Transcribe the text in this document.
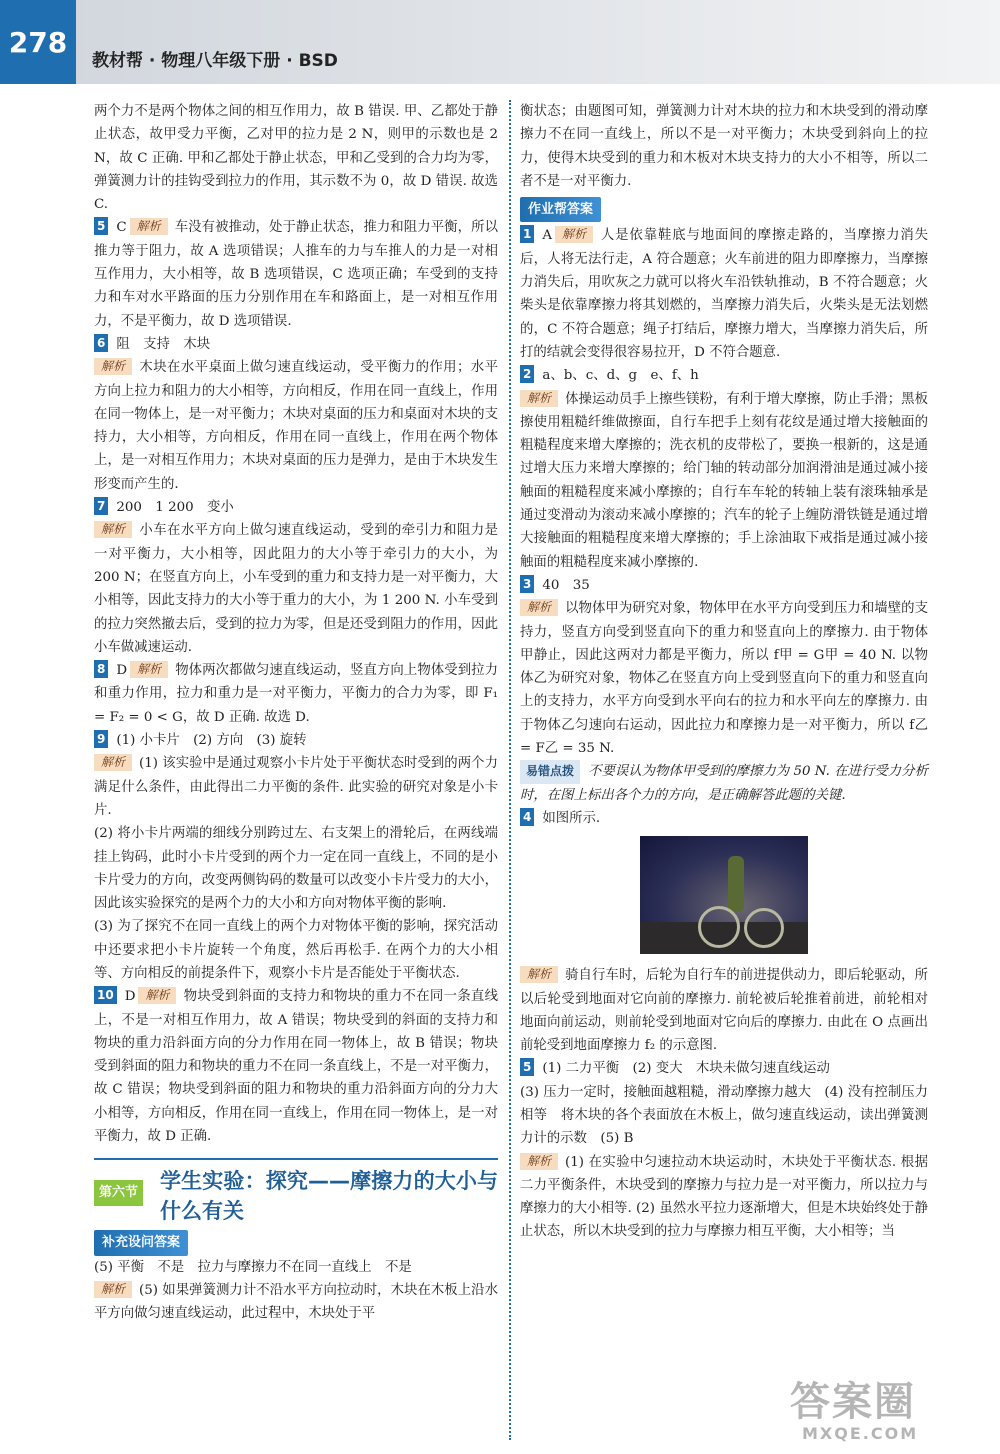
278
教材帮 · 物理八年级下册 · BSD

两个力不是两个物体之间的相互作用力，故 B 错误. 甲、乙都处于静止状态，故甲受力平衡，乙对甲的拉力是 2 N，则甲的示数也是 2 N，故 C 正确. 甲和乙都处于静止状态，甲和乙受到的合力均为零，弹簧测力计的挂钩受到拉力的作用，其示数不为 0，故 D 错误. 故选 C.

5 C 解析 车没有被推动，处于静止状态，推力和阻力平衡，所以推力等于阻力，故 A 选项错误；人推车的力与车推人的力是一对相互作用力，大小相等，故 B 选项错误，C 选项正确；车受到的支持力和车对水平路面的压力分别作用在车和路面上，是一对相互作用力，不是平衡力，故 D 选项错误.

6 阻　支持　木块

解析 木块在水平桌面上做匀速直线运动，受平衡力的作用；水平方向上拉力和阻力的大小相等，方向相反，作用在同一直线上，作用在同一物体上，是一对平衡力；木块对桌面的压力和桌面对木块的支持力，大小相等，方向相反，作用在同一直线上，作用在两个物体上，是一对相互作用力；木块对桌面的压力是弹力，是由于木块发生形变而产生的.

7 200　1 200　变小

解析 小车在水平方向上做匀速直线运动，受到的牵引力和阻力是一对平衡力，大小相等，因此阻力的大小等于牵引力的大小，为 200 N；在竖直方向上，小车受到的重力和支持力是一对平衡力，大小相等，因此支持力的大小等于重力的大小，为 1 200 N. 小车受到的拉力突然撤去后，受到的拉力为零，但是还受到阻力的作用，因此小车做减速运动.

8 D 解析 物体两次都做匀速直线运动，竖直方向上物体受到拉力和重力作用，拉力和重力是一对平衡力，平衡力的合力为零，即 F₁ = F₂ = 0 < G，故 D 正确. 故选 D.

9 (1) 小卡片　(2) 方向　(3) 旋转

解析 (1) 该实验中是通过观察小卡片处于平衡状态时受到的两个力满足什么条件，由此得出二力平衡的条件. 此实验的研究对象是小卡片.

(2) 将小卡片两端的细线分别跨过左、右支架上的滑轮后，在两线端挂上钩码，此时小卡片受到的两个力一定在同一直线上，不同的是小卡片受力的方向，改变两侧钩码的数量可以改变小卡片受力的大小，因此该实验探究的是两个力的大小和方向对物体平衡的影响.

(3) 为了探究不在同一直线上的两个力对物体平衡的影响，探究活动中还要求把小卡片旋转一个角度，然后再松手. 在两个力的大小相等、方向相反的前提条件下，观察小卡片是否能处于平衡状态.

10 D 解析 物块受到斜面的支持力和物块的重力不在同一条直线上，不是一对相互作用力，故 A 错误；物块受到的斜面的支持力和物块的重力沿斜面方向的分力作用在同一物体上，故 B 错误；物块受到斜面的阻力和物块的重力不在同一条直线上，不是一对平衡力，故 C 错误；物块受到斜面的阻力和物块的重力沿斜面方向的分力大小相等，方向相反，作用在同一直线上，作用在同一物体上，是一对平衡力，故 D 正确.

第六节 学生实验：探究——摩擦力的大小与什么有关
补充设问答案

(5) 平衡　不是　拉力与摩擦力不在同一直线上　不是

解析 (5) 如果弹簧测力计不沿水平方向拉动时，木块在木板上沿水平方向做匀速直线运动，此过程中，木块处于平

衡状态；由题图可知，弹簧测力计对木块的拉力和木块受到的滑动摩擦力不在同一直线上，所以不是一对平衡力；木块受到斜向上的拉力，使得木块受到的重力和木板对木块支持力的大小不相等，所以二者不是一对平衡力.

作业帮答案

1 A 解析 人是依靠鞋底与地面间的摩擦走路的，当摩擦力消失后，人将无法行走，A 符合题意；火车前进的阻力即摩擦力，当摩擦力消失后，用吹灰之力就可以将火车沿铁轨推动，B 不符合题意；火柴头是依靠摩擦力将其划燃的，当摩擦力消失后，火柴头是无法划燃的，C 不符合题意；绳子打结后，摩擦力增大，当摩擦力消失后，所打的结就会变得很容易拉开，D 不符合题意.

2 a、b、c、d、g　e、f、h

解析 体操运动员手上擦些镁粉，有利于增大摩擦，防止手滑；黑板擦使用粗糙纤维做擦面，自行车把手上刻有花纹是通过增大接触面的粗糙程度来增大摩擦的；洗衣机的皮带松了，要换一根新的，这是通过增大压力来增大摩擦的；给门轴的转动部分加润滑油是通过减小接触面的粗糙程度来减小摩擦的；自行车车轮的转轴上装有滚珠轴承是通过变滑动为滚动来减小摩擦的；汽车的轮子上缠防滑铁链是通过增大接触面的粗糙程度来增大摩擦的；手上涂油取下戒指是通过减小接触面的粗糙程度来减小摩擦的.

3 40　35

解析 以物体甲为研究对象，物体甲在水平方向受到压力和墙壁的支持力，竖直方向受到竖直向下的重力和竖直向上的摩擦力. 由于物体甲静止，因此这两对力都是平衡力，所以 f甲 = G甲 = 40 N. 以物体乙为研究对象，物体乙在竖直方向上受到竖直向下的重力和竖直向上的支持力，水平方向受到水平向右的拉力和水平向左的摩擦力. 由于物体乙匀速向右运动，因此拉力和摩擦力是一对平衡力，所以 f乙 = F乙 = 35 N.

易错点拨 不要误认为物体甲受到的摩擦力为 50 N. 在进行受力分析时，在图上标出各个力的方向，是正确解答此题的关键.

4 如图所示.

解析 骑自行车时，后轮为自行车的前进提供动力，即后轮驱动，所以后轮受到地面对它向前的摩擦力. 前轮被后轮推着前进，前轮相对地面向前运动，则前轮受到地面对它向后的摩擦力. 由此在 O 点画出前轮受到地面摩擦力 f₂ 的示意图.

5 (1) 二力平衡　(2) 变大　木块未做匀速直线运动

(3) 压力一定时，接触面越粗糙，滑动摩擦力越大　(4) 没有控制压力相等　将木块的各个表面放在木板上，做匀速直线运动，读出弹簧测力计的示数　(5) B

解析 (1) 在实验中匀速拉动木块运动时，木块处于平衡状态. 根据二力平衡条件，木块受到的摩擦力与拉力是一对平衡力，所以拉力与摩擦力的大小相等. (2) 虽然水平拉力逐渐增大，但是木块始终处于静止状态，所以木块受到的拉力与摩擦力相互平衡，大小相等；当

答案圈
MXQE.COM
